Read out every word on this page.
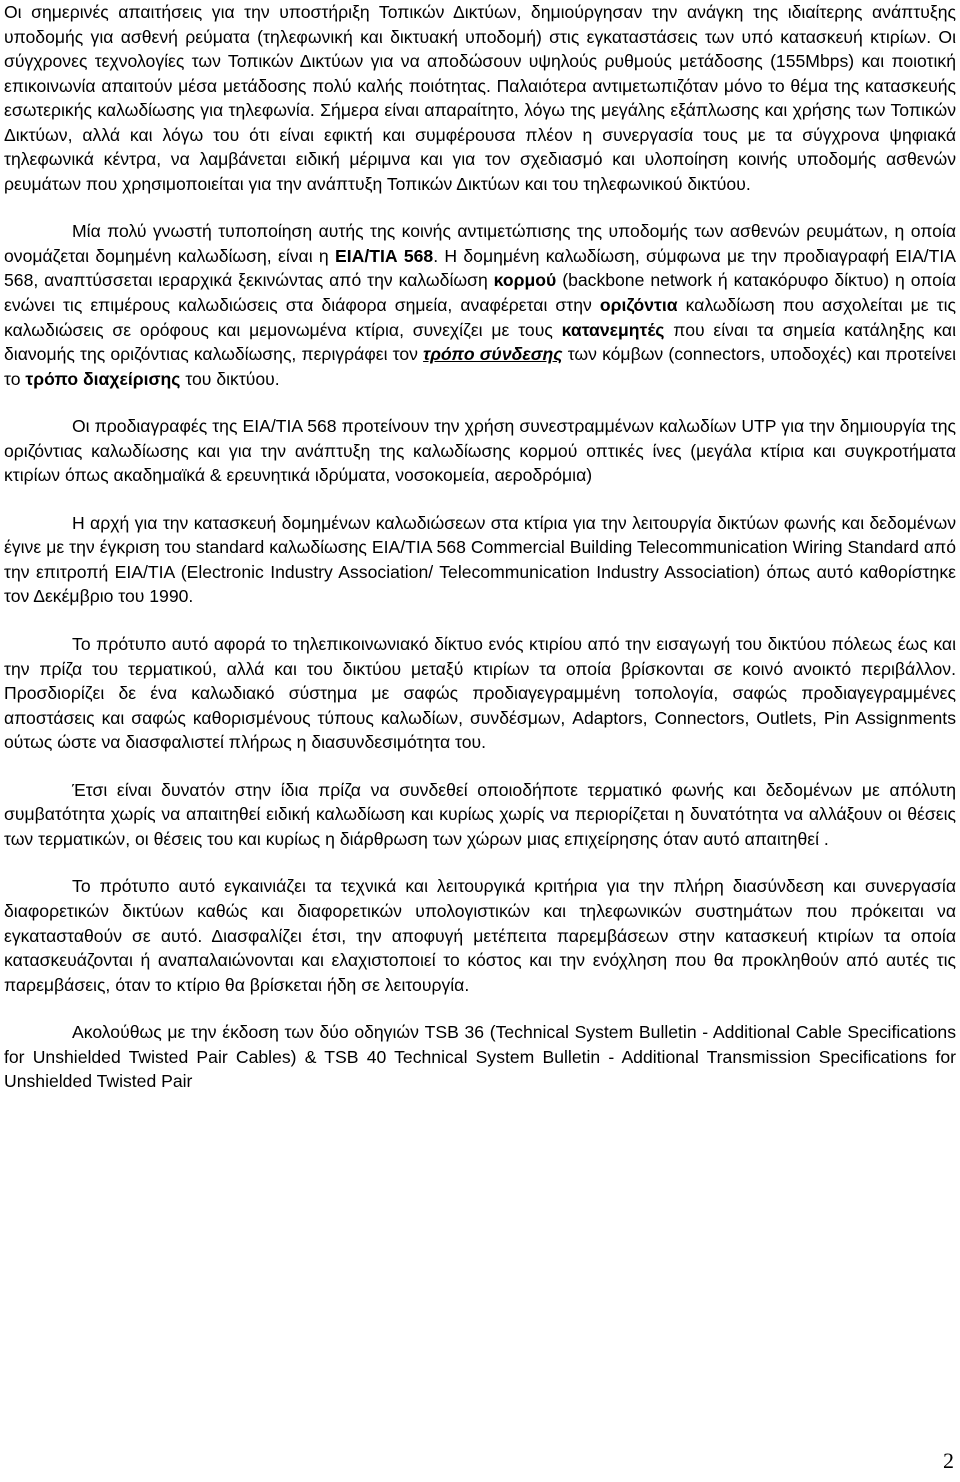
Οι σημερινές απαιτήσεις για την υποστήριξη Τοπικών Δικτύων, δημιούργησαν την ανάγκη της ιδιαίτερης ανάπτυξης υποδομής για ασθενή ρεύματα (τηλεφωνική και δικτυακή υποδομή) στις εγκαταστάσεις των υπό κατασκευή κτιρίων. Οι σύγχρονες τεχνολογίες των Τοπικών Δικτύων για να αποδώσουν υψηλούς ρυθμούς μετάδοσης (155Mbps) και ποιοτική επικοινωνία απαιτούν μέσα μετάδοσης πολύ καλής ποιότητας. Παλαιότερα αντιμετωπιζόταν μόνο το θέμα της κατασκευής εσωτερικής καλωδίωσης για τηλεφωνία. Σήμερα είναι απαραίτητο, λόγω της μεγάλης εξάπλωσης και χρήσης των Τοπικών Δικτύων, αλλά και λόγω του ότι είναι εφικτή και συμφέρουσα πλέον η συνεργασία τους με τα σύγχρονα ψηφιακά τηλεφωνικά κέντρα, να λαμβάνεται ειδική μέριμνα και για τον σχεδιασμό και υλοποίηση κοινής υποδομής ασθενών ρευμάτων που χρησιμοποιείται για την ανάπτυξη Τοπικών Δικτύων και του τηλεφωνικού δικτύου.

Μία πολύ γνωστή τυποποίηση αυτής της κοινής αντιμετώπισης της υποδομής των ασθενών ρευμάτων, η οποία ονομάζεται δομημένη καλωδίωση, είναι η ΕΙΑ/ΤΙΑ 568. Η δομημένη καλωδίωση, σύμφωνα με την προδιαγραφή ΕΙΑ/ΤΙΑ 568, αναπτύσσεται ιεραρχικά ξεκινώντας από την καλωδίωση κορμού (backbone network ή κατακόρυφο δίκτυο) η οποία ενώνει τις επιμέρους καλωδιώσεις στα διάφορα σημεία, αναφέρεται στην οριζόντια καλωδίωση που ασχολείται με τις καλωδιώσεις σε ορόφους και μεμονωμένα κτίρια, συνεχίζει με τους κατανεμητές που είναι τα σημεία κατάληξης και διανομής της οριζόντιας καλωδίωσης, περιγράφει τον τρόπο σύνδεσης των κόμβων (connectors, υποδοχές) και προτείνει το τρόπο διαχείρισης του δικτύου.

Οι προδιαγραφές της ΕΙΑ/ΤΙΑ 568 προτείνουν την χρήση συνεστραμμένων καλωδίων UTP για την δημιουργία της οριζόντιας καλωδίωσης και για την ανάπτυξη της καλωδίωσης κορμού οπτικές ίνες (μεγάλα κτίρια και συγκροτήματα κτιρίων όπως ακαδημαϊκά & ερευνητικά ιδρύματα, νοσοκομεία, αεροδρόμια)

Η αρχή για την κατασκευή δομημένων καλωδιώσεων στα κτίρια για την λειτουργία δικτύων φωνής και δεδομένων έγινε με την έγκριση του standard καλωδίωσης ΕΙΑ/ΤΙΑ 568 Commercial Building Telecommunication Wiring Standard από την επιτροπή ΕΙΑ/ΤΙΑ (Electronic Industry Association/ Telecommunication Industry Association) όπως αυτό καθορίστηκε τον Δεκέμβριο του 1990.

Το πρότυπο αυτό αφορά το τηλεπικοινωνιακό δίκτυο ενός κτιρίου από την εισαγωγή του δικτύου πόλεως έως και την πρίζα του τερματικού, αλλά και του δικτύου μεταξύ κτιρίων τα οποία βρίσκονται σε κοινό ανοικτό περιβάλλον. Προσδιορίζει δε ένα καλωδιακό σύστημα με σαφώς προδιαγεγραμμένη τοπολογία, σαφώς προδιαγεγραμμένες αποστάσεις και σαφώς καθορισμένους τύπους καλωδίων, συνδέσμων, Adaptors, Connectors, Outlets, Pin Assignments ούτως ώστε να διασφαλιστεί πλήρως η διασυνδεσιμότητα του.

Έτσι είναι δυνατόν στην ίδια πρίζα να συνδεθεί οποιοδήποτε τερματικό φωνής και δεδομένων με απόλυτη συμβατότητα χωρίς να απαιτηθεί ειδική καλωδίωση και κυρίως χωρίς να περιορίζεται η δυνατότητα να αλλάξουν οι θέσεις των τερματικών, οι θέσεις του και κυρίως η διάρθρωση των χώρων μιας επιχείρησης όταν αυτό απαιτηθεί .

Το πρότυπο αυτό εγκαινιάζει τα τεχνικά και λειτουργικά κριτήρια για την πλήρη διασύνδεση και συνεργασία διαφορετικών δικτύων καθώς και διαφορετικών υπολογιστικών και τηλεφωνικών συστημάτων που πρόκειται να εγκατασταθούν σε αυτό. Διασφαλίζει έτσι, την αποφυγή μετέπειτα παρεμβάσεων στην κατασκευή κτιρίων τα οποία κατασκευάζονται ή αναπαλαιώνονται και ελαχιστοποιεί το κόστος και την ενόχληση που θα προκληθούν από αυτές τις παρεμβάσεις, όταν το κτίριο θα βρίσκεται ήδη σε λειτουργία.

Ακολούθως με την έκδοση των δύο οδηγιών TSB 36 (Technical System Bulletin - Additional Cable Specifications for Unshielded Twisted Pair Cables) & TSB 40 Technical System Bulletin - Additional Transmission Specifications for Unshielded Twisted Pair

2
